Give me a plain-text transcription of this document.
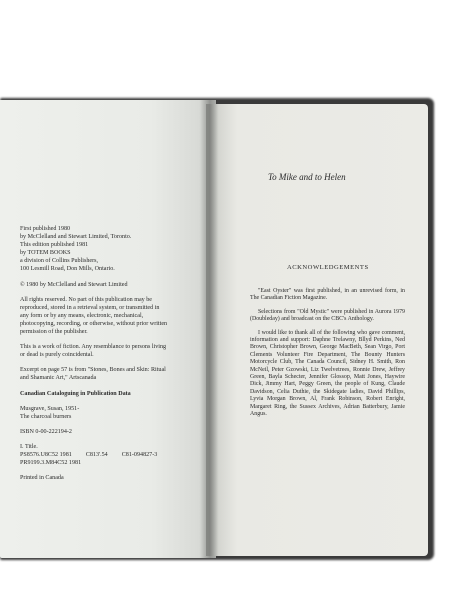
First published 1980
by McClelland and Stewart Limited, Toronto.
This edition published 1981
by TOTEM BOOKS
a division of Collins Publishers,
100 Lesmill Road, Don Mills, Ontario.
© 1980 by McClelland and Stewart Limited
All rights reserved. No part of this publication may be
reproduced, stored in a retrieval system, or transmitted in
any form or by any means, electronic, mechanical,
photocopying, recording, or otherwise, without prior written
permission of the publisher.
This is a work of fiction. Any resemblance to persons living
or dead is purely coincidental.
Excerpt on page 57 is from "Stones, Bones and Skin: Ritual
and Shamanic Art," Artscanada
Canadian Cataloguing in Publication Data
Musgrave, Susan, 1951-
The charcoal burners
ISBN 0-00-222194-2
I. Title.
PS8576.U8C52 1981 C813'.54 C81-094827-3
PR9199.3.M84C52 1981
Printed in Canada
To Mike and to Helen
ACKNOWLEDGEMENTS

"East Oyster" was first published, in an unrevised form, in The Canadian Fiction Magazine.

Selections from "Old Mystic" were published in Aurora 1979 (Doubleday) and broadcast on the CBC's Anthology.

I would like to thank all of the following who gave comment, information and support: Daphne Trelawny, Bllyd Perkins, Ned Brown, Christopher Brown, George MacBeth, Sean Virgo, Port Clements Volunteer Fire Department, The Bounty Hunters Motorcycle Club, The Canada Council, Sidney H. Smith, Ron McNeil, Peter Gzowski, Liz Twelvetrees, Ronnie Drew, Jeffrey Green, Bayla Schecter, Jennifer Glossop, Matt Jones, Haywire Dick, Jimmy Hart, Peggy Green, the people of Kung, Claude Davidson, Celia Duthie, the Skidegate ladies, David Phillips, Lyvia Morgan Brown, Al, Frank Robinson, Robert Enright, Margaret Ring, the Sussex Archives, Adrian Batterbury, Jamie Angus.
